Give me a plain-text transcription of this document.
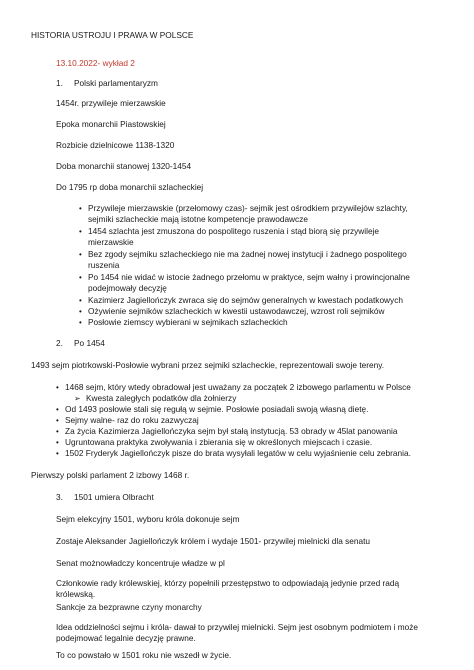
HISTORIA USTROJU I PRAWA W POLSCE
13.10.2022- wykład 2
1. Polski parlamentaryzm
1454r. przywileje mierzawskie
Epoka monarchii Piastowskiej
Rozbicie dzielnicowe 1138-1320
Doba monarchii stanowej 1320-1454
Do 1795 rp doba monarchii szlacheckiej
• Przywileje mierzawskie (przełomowy czas)- sejmik jest ośrodkiem przywilejów szlachty, sejmiki szlacheckie mają istotne kompetencje prawodawcze
• 1454 szlachta jest zmuszona do pospolitego ruszenia i stąd biorą się przywileje mierzawskie
• Bez zgody sejmiku szlacheckiego nie ma żadnej nowej instytucji i żadnego pospolitego ruszenia
• Po 1454 nie widać w istocie żadnego przełomu w praktyce, sejm wałny i prowincjonalne podejmowały decyzję
• Kazimierz Jagiellończyk zwraca się do sejmów generalnych w kwestach podatkowych
• Ożywienie sejmików szlacheckich w kwestii ustawodawczej, wzrost roli sejmików
• Posłowie ziemscy wybierani w sejmikach szlacheckich
2. Po 1454
1493 sejm piotrkowski-Posłowie wybrani przez sejmiki szlacheckie, reprezentowali swoje tereny.
• 1468 sejm, który wtedy obradował jest uważany za początek 2 izbowego parlamentu w Polsce
➢ Kwesta zaległych podatków dla żołnierzy
• Od 1493 posłowie stali się regułą w sejmie. Posłowie posiadali swoją własną dietę.
• Sejmy walne- raz do roku zazwyczaj
• Za życia Kazimierza Jagiellończyka sejm był stałą instytucją. 53 obrady w 45lat panowania
• Ugruntowana praktyka zwoływania i zbierania się w określonych miejscach i czasie.
• 1502 Fryderyk Jagiellończyk pisze do brata wysyłali legatów w celu wyjaśnienie celu zebrania.
Pierwszy polski parlament 2 izbowy 1468 r.
3. 1501 umiera Olbracht
Sejm elekcyjny 1501, wyboru króla dokonuje sejm
Zostaje Aleksander Jagiellończyk królem i wydaje 1501- przywilej mielnicki dla senatu
Senat możnowładczy koncentruje władze w pl
Członkowie rady królewskiej, którzy popełnili przestępstwo to odpowiadają jedynie przed radą królewską.
Sankcje za bezprawne czyny monarchy
Idea oddzielności sejmu i króla- dawał to przywilej mielnicki. Sejm jest osobnym podmiotem i może podejmować legalnie decyzję prawne.
To co powstało w 1501 roku nie wszedł w życie.
